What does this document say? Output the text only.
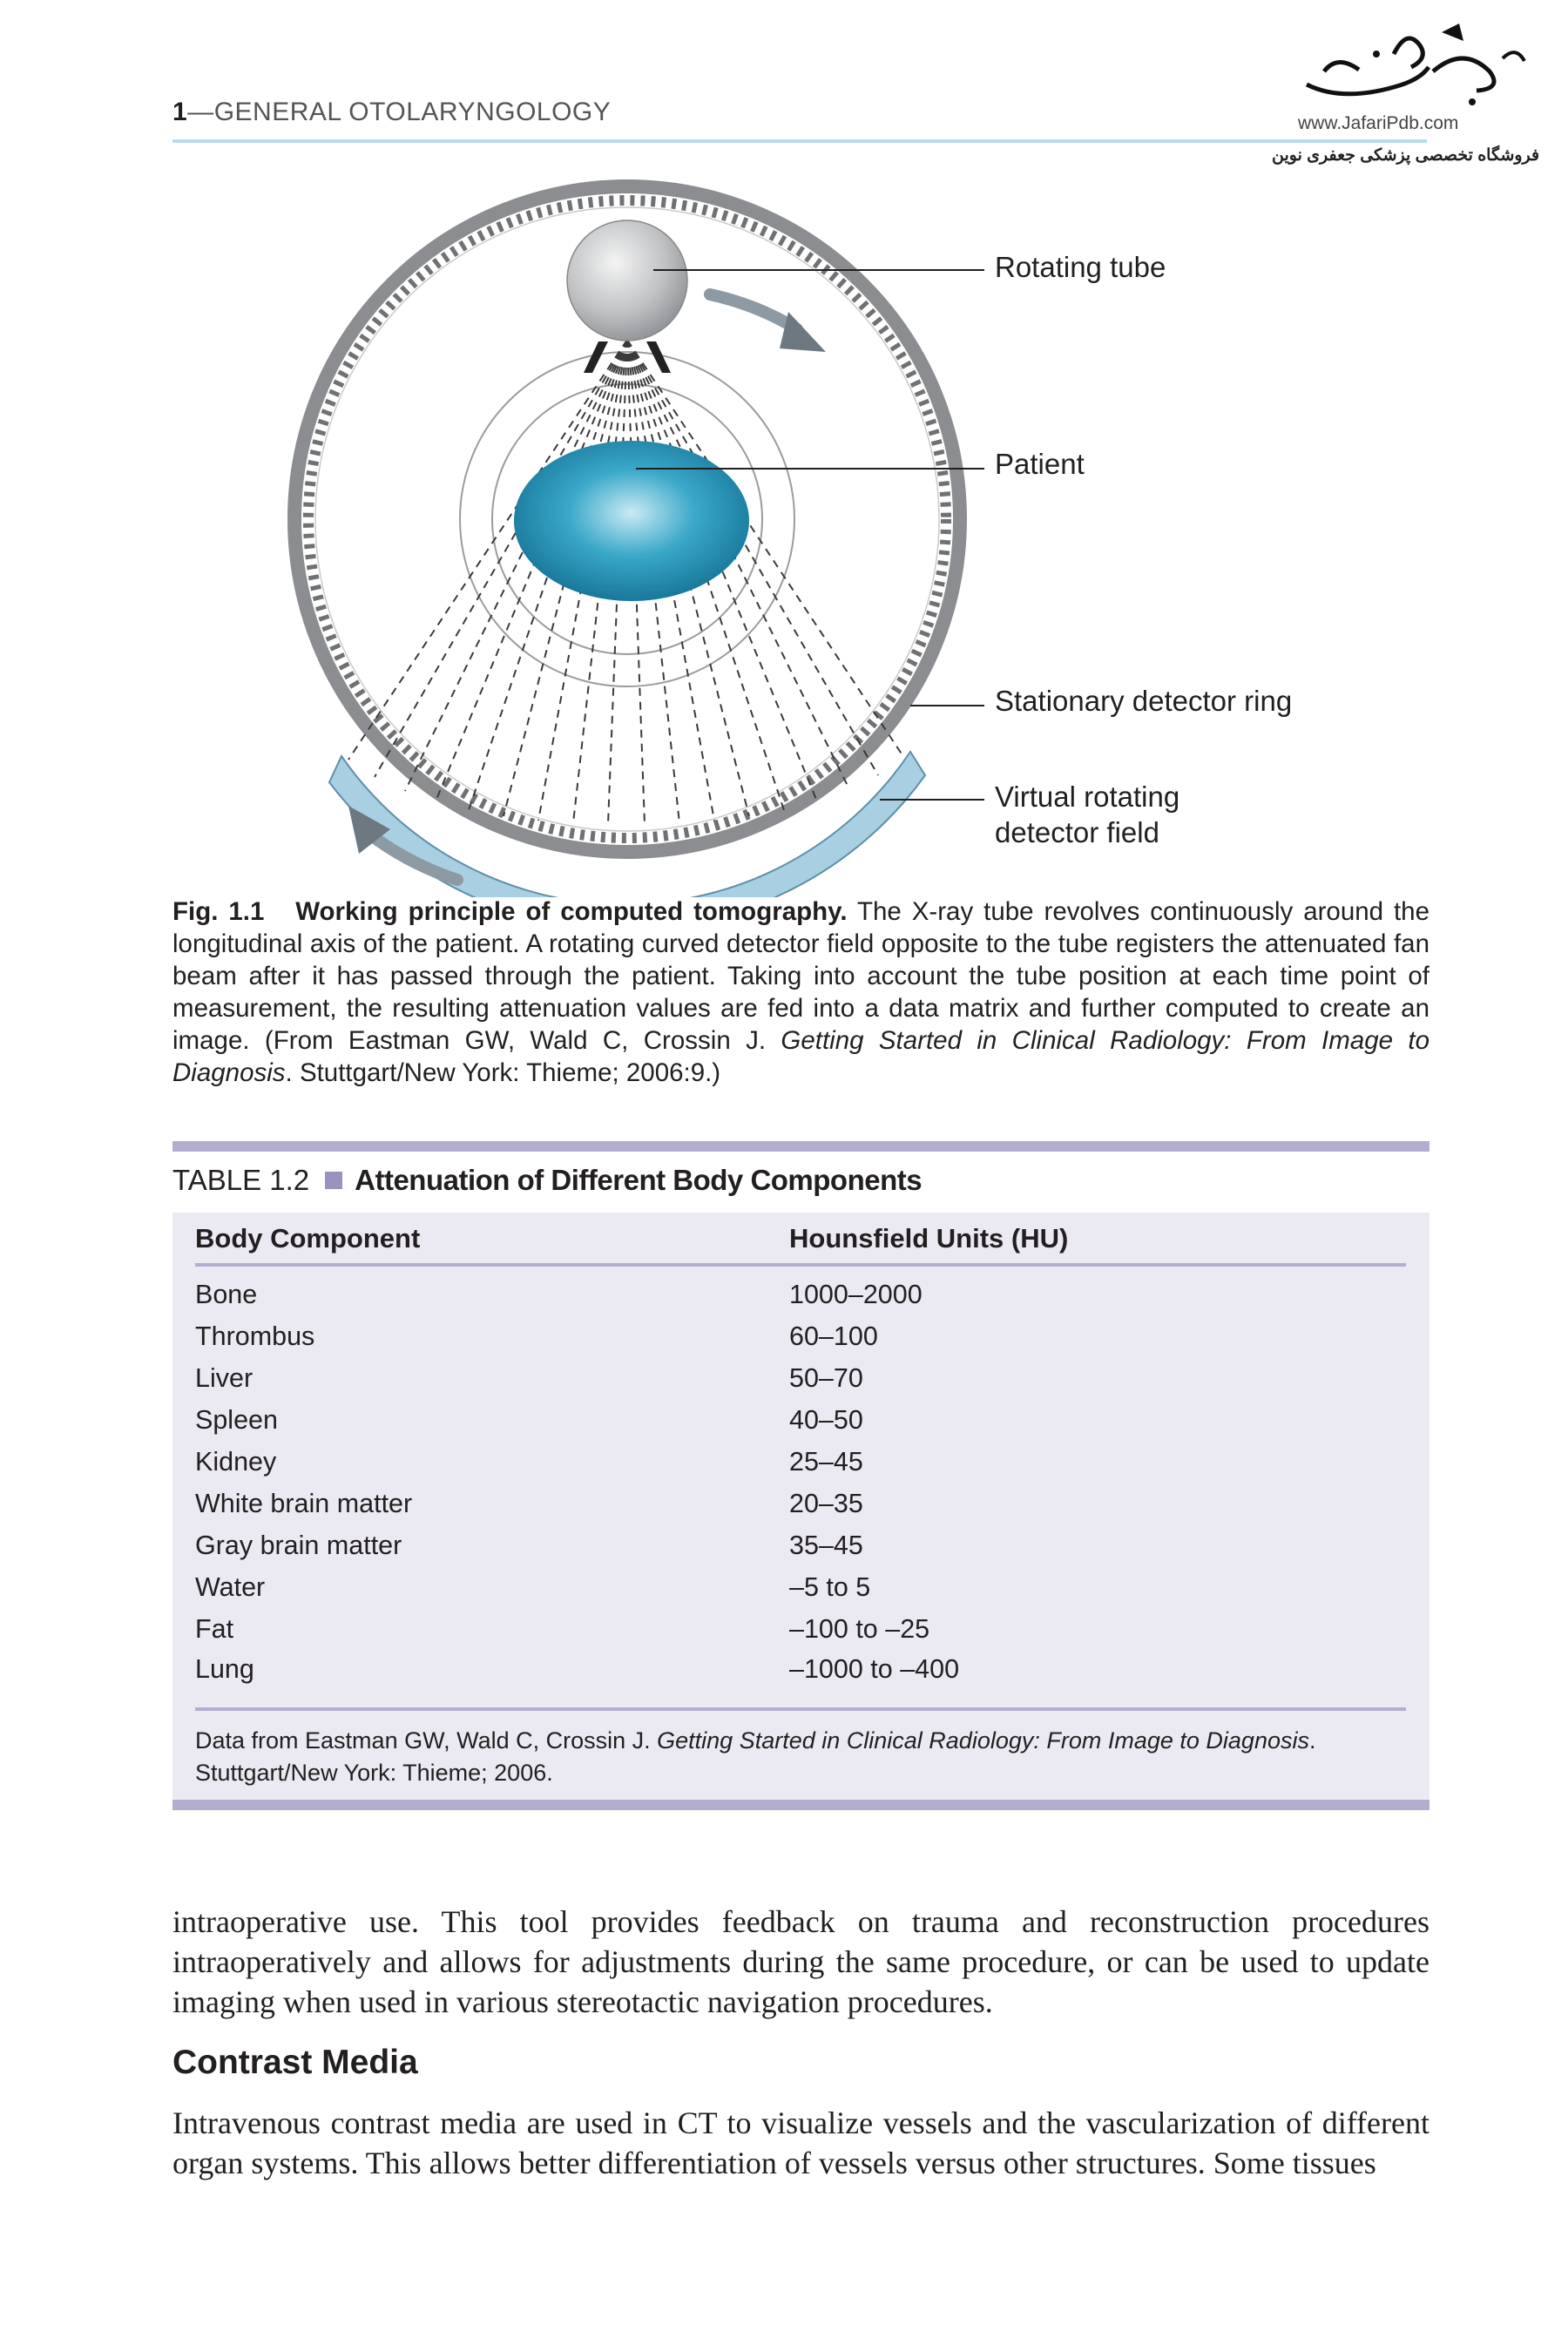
1—GENERAL OTOLARYNGOLOGY	www.JafariPdb.com
فروشگاه تخصصی پزشکی جعفری نوین
Rotating tube
Patient
Stationary detector ring
Virtual rotating
detector field
Fig. 1.1 Working principle of computed tomography. The X-ray tube revolves continuously around the longitudinal axis of the patient. A rotating curved detector field opposite to the tube registers the attenuated fan beam after it has passed through the patient. Taking into account the tube position at each time point of measurement, the resulting attenuation values are fed into a data matrix and further computed to create an image. (From Eastman GW, Wald C, Crossin J. Getting Started in Clinical Radiology: From Image to Diagnosis. Stuttgart/New York: Thieme; 2006:9.)
TABLE 1.2 Attenuation of Different Body Components
Body Component	Hounsfield Units (HU)
Bone	1000–2000
Thrombus	60–100
Liver	50–70
Spleen	40–50
Kidney	25–45
White brain matter	20–35
Gray brain matter	35–45
Water	–5 to 5
Fat	–100 to –25
Lung	–1000 to –400
Data from Eastman GW, Wald C, Crossin J. Getting Started in Clinical Radiology: From Image to Diagnosis. Stuttgart/New York: Thieme; 2006.
intraoperative use. This tool provides feedback on trauma and reconstruction procedures intraoperatively and allows for adjustments during the same procedure, or can be used to update imaging when used in various stereotactic navigation procedures.
Contrast Media
Intravenous contrast media are used in CT to visualize vessels and the vascularization of different organ systems. This allows better differentiation of vessels versus other structures. Some tissues
